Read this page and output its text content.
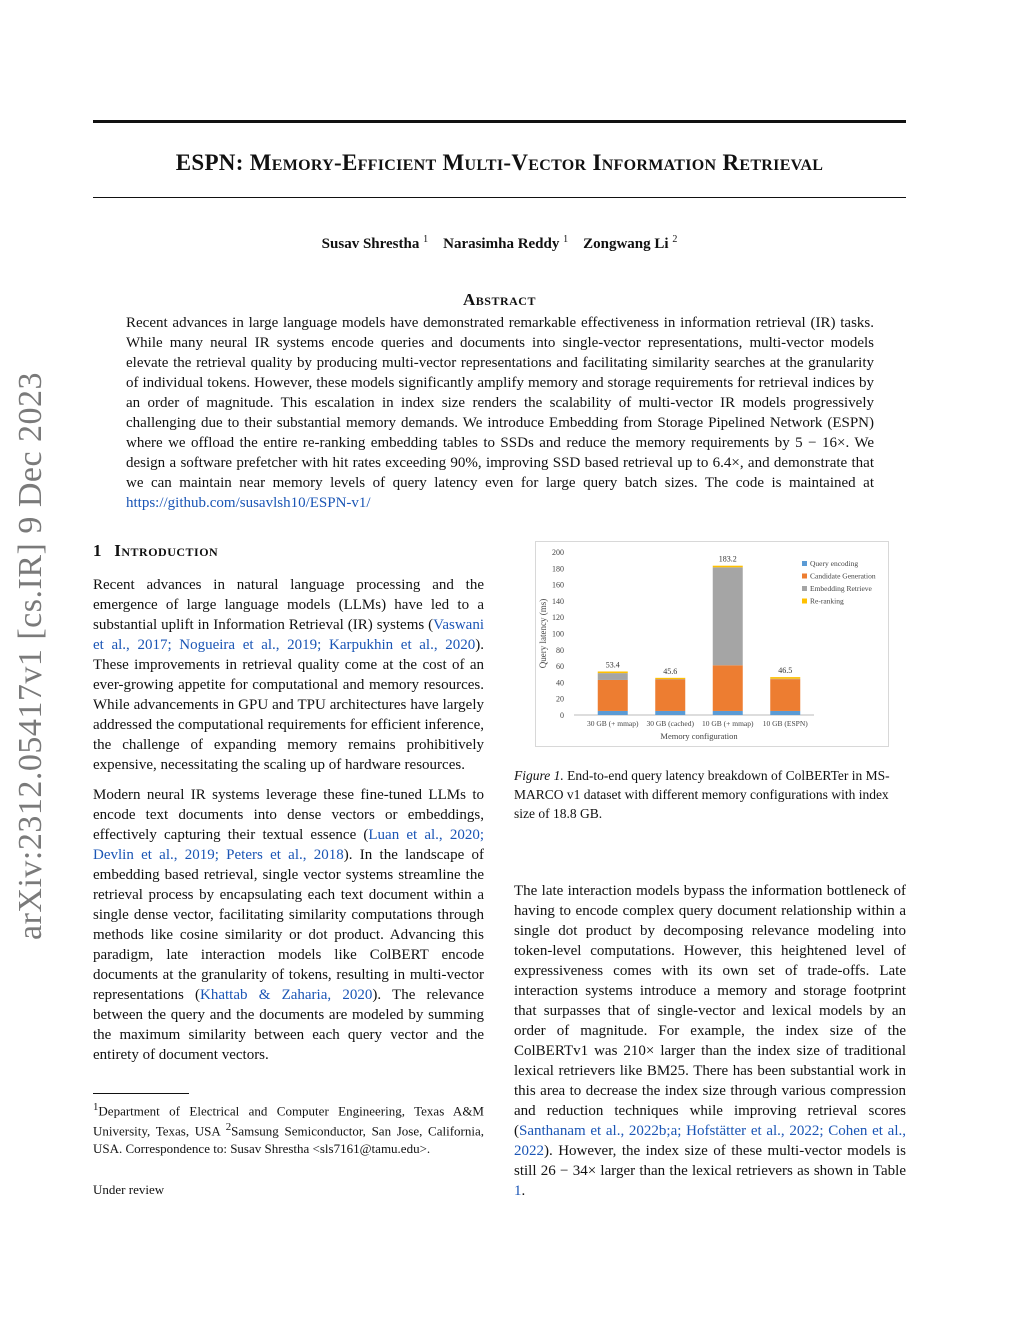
arXiv:2312.05417v1 [cs.IR] 9 Dec 2023
ESPN: Memory-Efficient Multi-Vector Information Retrieval
Susav Shrestha $^1$ Narasimha Reddy $^1$ Zongwang Li $^2$
Abstract
Recent advances in large language models have demonstrated remarkable effectiveness in information retrieval (IR) tasks. While many neural IR systems encode queries and documents into single-vector representations, multi-vector models elevate the retrieval quality by producing multi-vector representations and facilitating similarity searches at the granularity of individual tokens. However, these models significantly amplify memory and storage requirements for retrieval indices by an order of magnitude. This escalation in index size renders the scalability of multi-vector IR models progressively challenging due to their substantial memory demands. We introduce Embedding from Storage Pipelined Network (ESPN) where we offload the entire re-ranking embedding tables to SSDs and reduce the memory requirements by 5 − 16×. We design a software prefetcher with hit rates exceeding 90%, improving SSD based retrieval up to 6.4×, and demonstrate that we can maintain near memory levels of query latency even for large query batch sizes. The code is maintained at https://github.com/susavlsh10/ESPN-v1/
1 Introduction

Recent advances in natural language processing and the emergence of large language models (LLMs) have led to a substantial uplift in Information Retrieval (IR) systems (Vaswani et al., 2017; Nogueira et al., 2019; Karpukhin et al., 2020). These improvements in retrieval quality come at the cost of an ever-growing appetite for computational and memory resources. While advancements in GPU and TPU architectures have largely addressed the computational requirements for efficient inference, the challenge of expanding memory remains prohibitively expensive, necessitating the scaling up of hardware resources.

Modern neural IR systems leverage these fine-tuned LLMs to encode text documents into dense vectors or embeddings, effectively capturing their textual essence (Luan et al., 2020; Devlin et al., 2019; Peters et al., 2018). In the landscape of embedding based retrieval, single vector systems streamline the retrieval process by encapsulating each text document within a single dense vector, facilitating similarity computations through methods like cosine similarity or dot product. Advancing this paradigm, late interaction models like ColBERT encode documents at the granularity of tokens, resulting in multi-vector representations (Khattab & Zaharia, 2020). The relevance between the query and the documents are modeled by summing the maximum similarity between each query vector and the entirety of document vectors.

$^1$Department of Electrical and Computer Engineering, Texas A&M University, Texas, USA $^2$Samsung Semiconductor, San Jose, California, USA. Correspondence to: Susav Shrestha <sls7161@tamu.edu>.
Under review
0
20
40
60
80
100
120
140
160
180
200
Query latency (ms)	53.4
30 GB (+ mmap)
45.6
30 GB (cached)
183.2
10 GB (+ mmap)
46.5
10 GB (ESPN)
Memory configuration
Query encoding
Candidate Generation
Embedding Retrieve
Re-ranking
Figure 1. End-to-end query latency breakdown of ColBERTer in MS-MARCO v1 dataset with different memory configurations with index size of 18.8 GB.

The late interaction models bypass the information bottleneck of having to encode complex query document relationship within a single dot product by decomposing relevance modeling into token-level computations. However, this heightened level of expressiveness comes with its own set of trade-offs. Late interaction systems introduce a memory and storage footprint that surpasses that of single-vector and lexical models by an order of magnitude. For example, the index size of the ColBERTv1 was 210× larger than the index size of traditional lexical retrievers like BM25. There has been substantial work in this area to decrease the index size through various compression and reduction techniques while improving retrieval scores (Santhanam et al., 2022b;a; Hofstätter et al., 2022; Cohen et al., 2022). However, the index size of these multi-vector models is still 26 − 34× larger than the lexical retrievers as shown in Table 1.
